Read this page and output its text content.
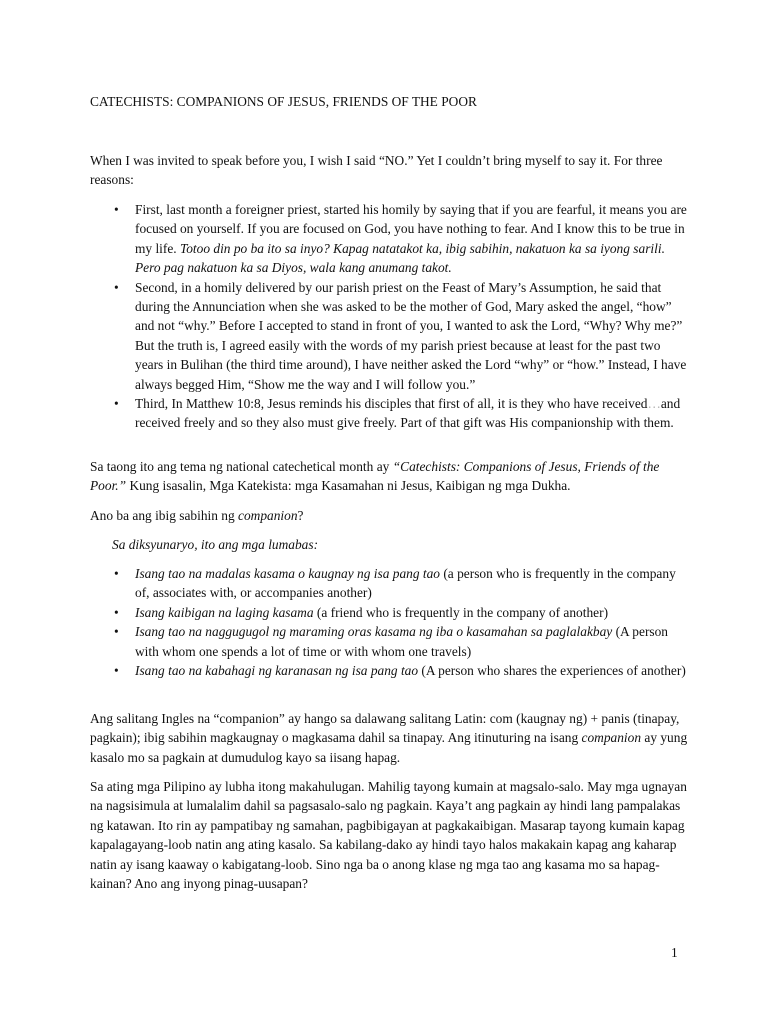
CATECHISTS: COMPANIONS OF JESUS, FRIENDS OF THE POOR

When I was invited to speak before you, I wish I said “NO.” Yet I couldn’t bring myself to say it. For three reasons:

• First, last month a foreigner priest, started his homily by saying that if you are fearful, it means you are focused on yourself. If you are focused on God, you have nothing to fear. And I know this to be true in my life. Totoo din po ba ito sa inyo? Kapag natatakot ka, ibig sabihin, nakatuon ka sa iyong sarili. Pero pag nakatuon ka sa Diyos, wala kang anumang takot.
• Second, in a homily delivered by our parish priest on the Feast of Mary’s Assumption, he said that during the Annunciation when she was asked to be the mother of God, Mary asked the angel, “how” and not “why.” Before I accepted to stand in front of you, I wanted to ask the Lord, “Why? Why me?” But the truth is, I agreed easily with the words of my parish priest because at least for the past two years in Bulihan (the third time around), I have neither asked the Lord “why” or “how.” Instead, I have always begged Him, “Show me the way and I will follow you.”
• Third, In Matthew 10:8, Jesus reminds his disciples that first of all, it is they who have received…and received freely and so they also must give freely. Part of that gift was His companionship with them.

Sa taong ito ang tema ng national catechetical month ay “Catechists: Companions of Jesus, Friends of the Poor.” Kung isasalin, Mga Katekista: mga Kasamahan ni Jesus, Kaibigan ng mga Dukha.

Ano ba ang ibig sabihin ng companion?

Sa diksyunaryo, ito ang mga lumabas:

• Isang tao na madalas kasama o kaugnay ng isa pang tao (a person who is frequently in the company of, associates with, or accompanies another)
• Isang kaibigan na laging kasama (a friend who is frequently in the company of another)
• Isang tao na naggugugol ng maraming oras kasama ng iba o kasamahan sa paglalakbay (A person with whom one spends a lot of time or with whom one travels)
• Isang tao na kabahagi ng karanasan ng isa pang tao (A person who shares the experiences of another)

Ang salitang Ingles na “companion” ay hango sa dalawang salitang Latin: com (kaugnay ng) + panis (tinapay, pagkain); ibig sabihin magkaugnay o magkasama dahil sa tinapay. Ang itinuturing na isang companion ay yung kasalo mo sa pagkain at dumudulog kayo sa iisang hapag.

Sa ating mga Pilipino ay lubha itong makahulugan. Mahilig tayong kumain at magsalo-salo. May mga ugnayan na nagsisimula at lumalalim dahil sa pagsasalo-salo ng pagkain. Kaya’t ang pagkain ay hindi lang pampalakas ng katawan. Ito rin ay pampatibay ng samahan, pagbibigayan at pagkakaibigan. Masarap tayong kumain kapag kapalagayang-loob natin ang ating kasalo. Sa kabilang-dako ay hindi tayo halos makakain kapag ang kaharap natin ay isang kaaway o kabigatang-loob. Sino nga ba o anong klase ng mga tao ang kasama mo sa hapag-kainan? Ano ang inyong pinag-uusapan?

1
